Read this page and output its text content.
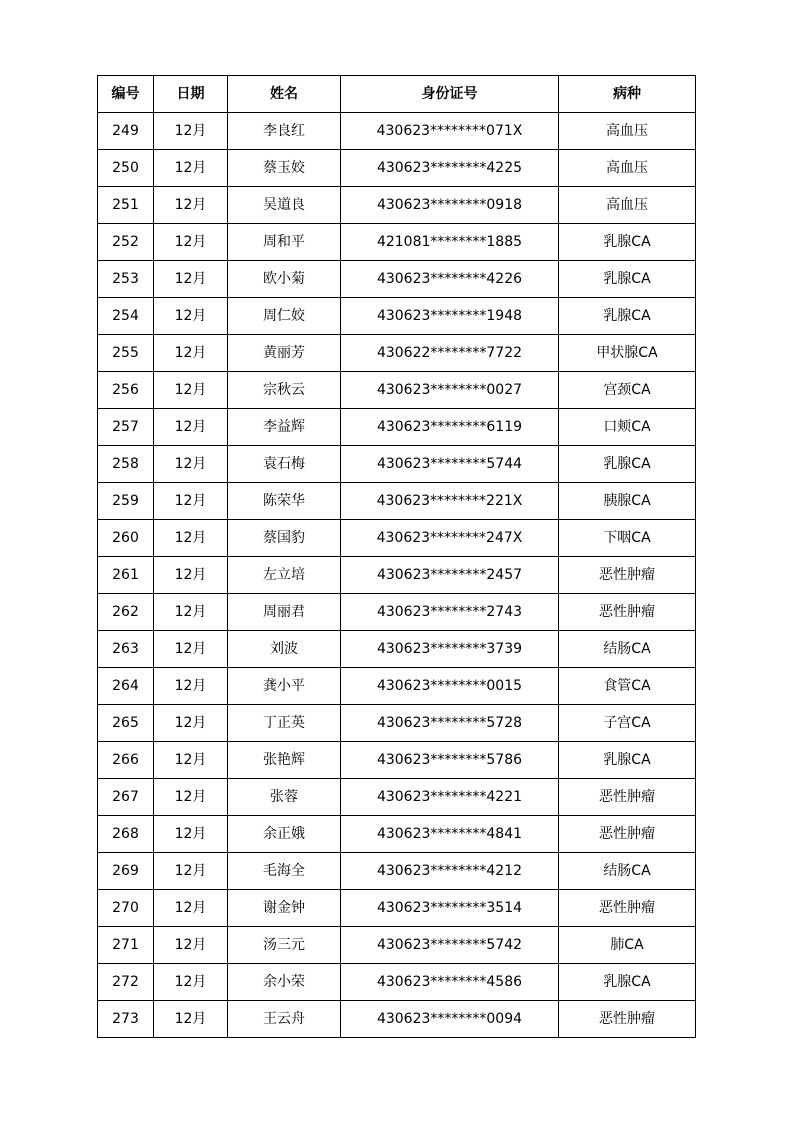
编号	日期	姓名	身份证号	病种
249	12月	李良红	430623********071X	高血压
250	12月	蔡玉姣	430623********4225	高血压
251	12月	吴道良	430623********0918	高血压
252	12月	周和平	421081********1885	乳腺CA
253	12月	欧小菊	430623********4226	乳腺CA
254	12月	周仁姣	430623********1948	乳腺CA
255	12月	黄丽芳	430622********7722	甲状腺CA
256	12月	宗秋云	430623********0027	宫颈CA
257	12月	李益辉	430623********6119	口颊CA
258	12月	袁石梅	430623********5744	乳腺CA
259	12月	陈荣华	430623********221X	胰腺CA
260	12月	蔡国豹	430623********247X	下咽CA
261	12月	左立培	430623********2457	恶性肿瘤
262	12月	周丽君	430623********2743	恶性肿瘤
263	12月	刘波	430623********3739	结肠CA
264	12月	龚小平	430623********0015	食管CA
265	12月	丁正英	430623********5728	子宫CA
266	12月	张艳辉	430623********5786	乳腺CA
267	12月	张蓉	430623********4221	恶性肿瘤
268	12月	余正娥	430623********4841	恶性肿瘤
269	12月	毛海全	430623********4212	结肠CA
270	12月	谢金钟	430623********3514	恶性肿瘤
271	12月	汤三元	430623********5742	肺CA
272	12月	余小荣	430623********4586	乳腺CA
273	12月	王云舟	430623********0094	恶性肿瘤
